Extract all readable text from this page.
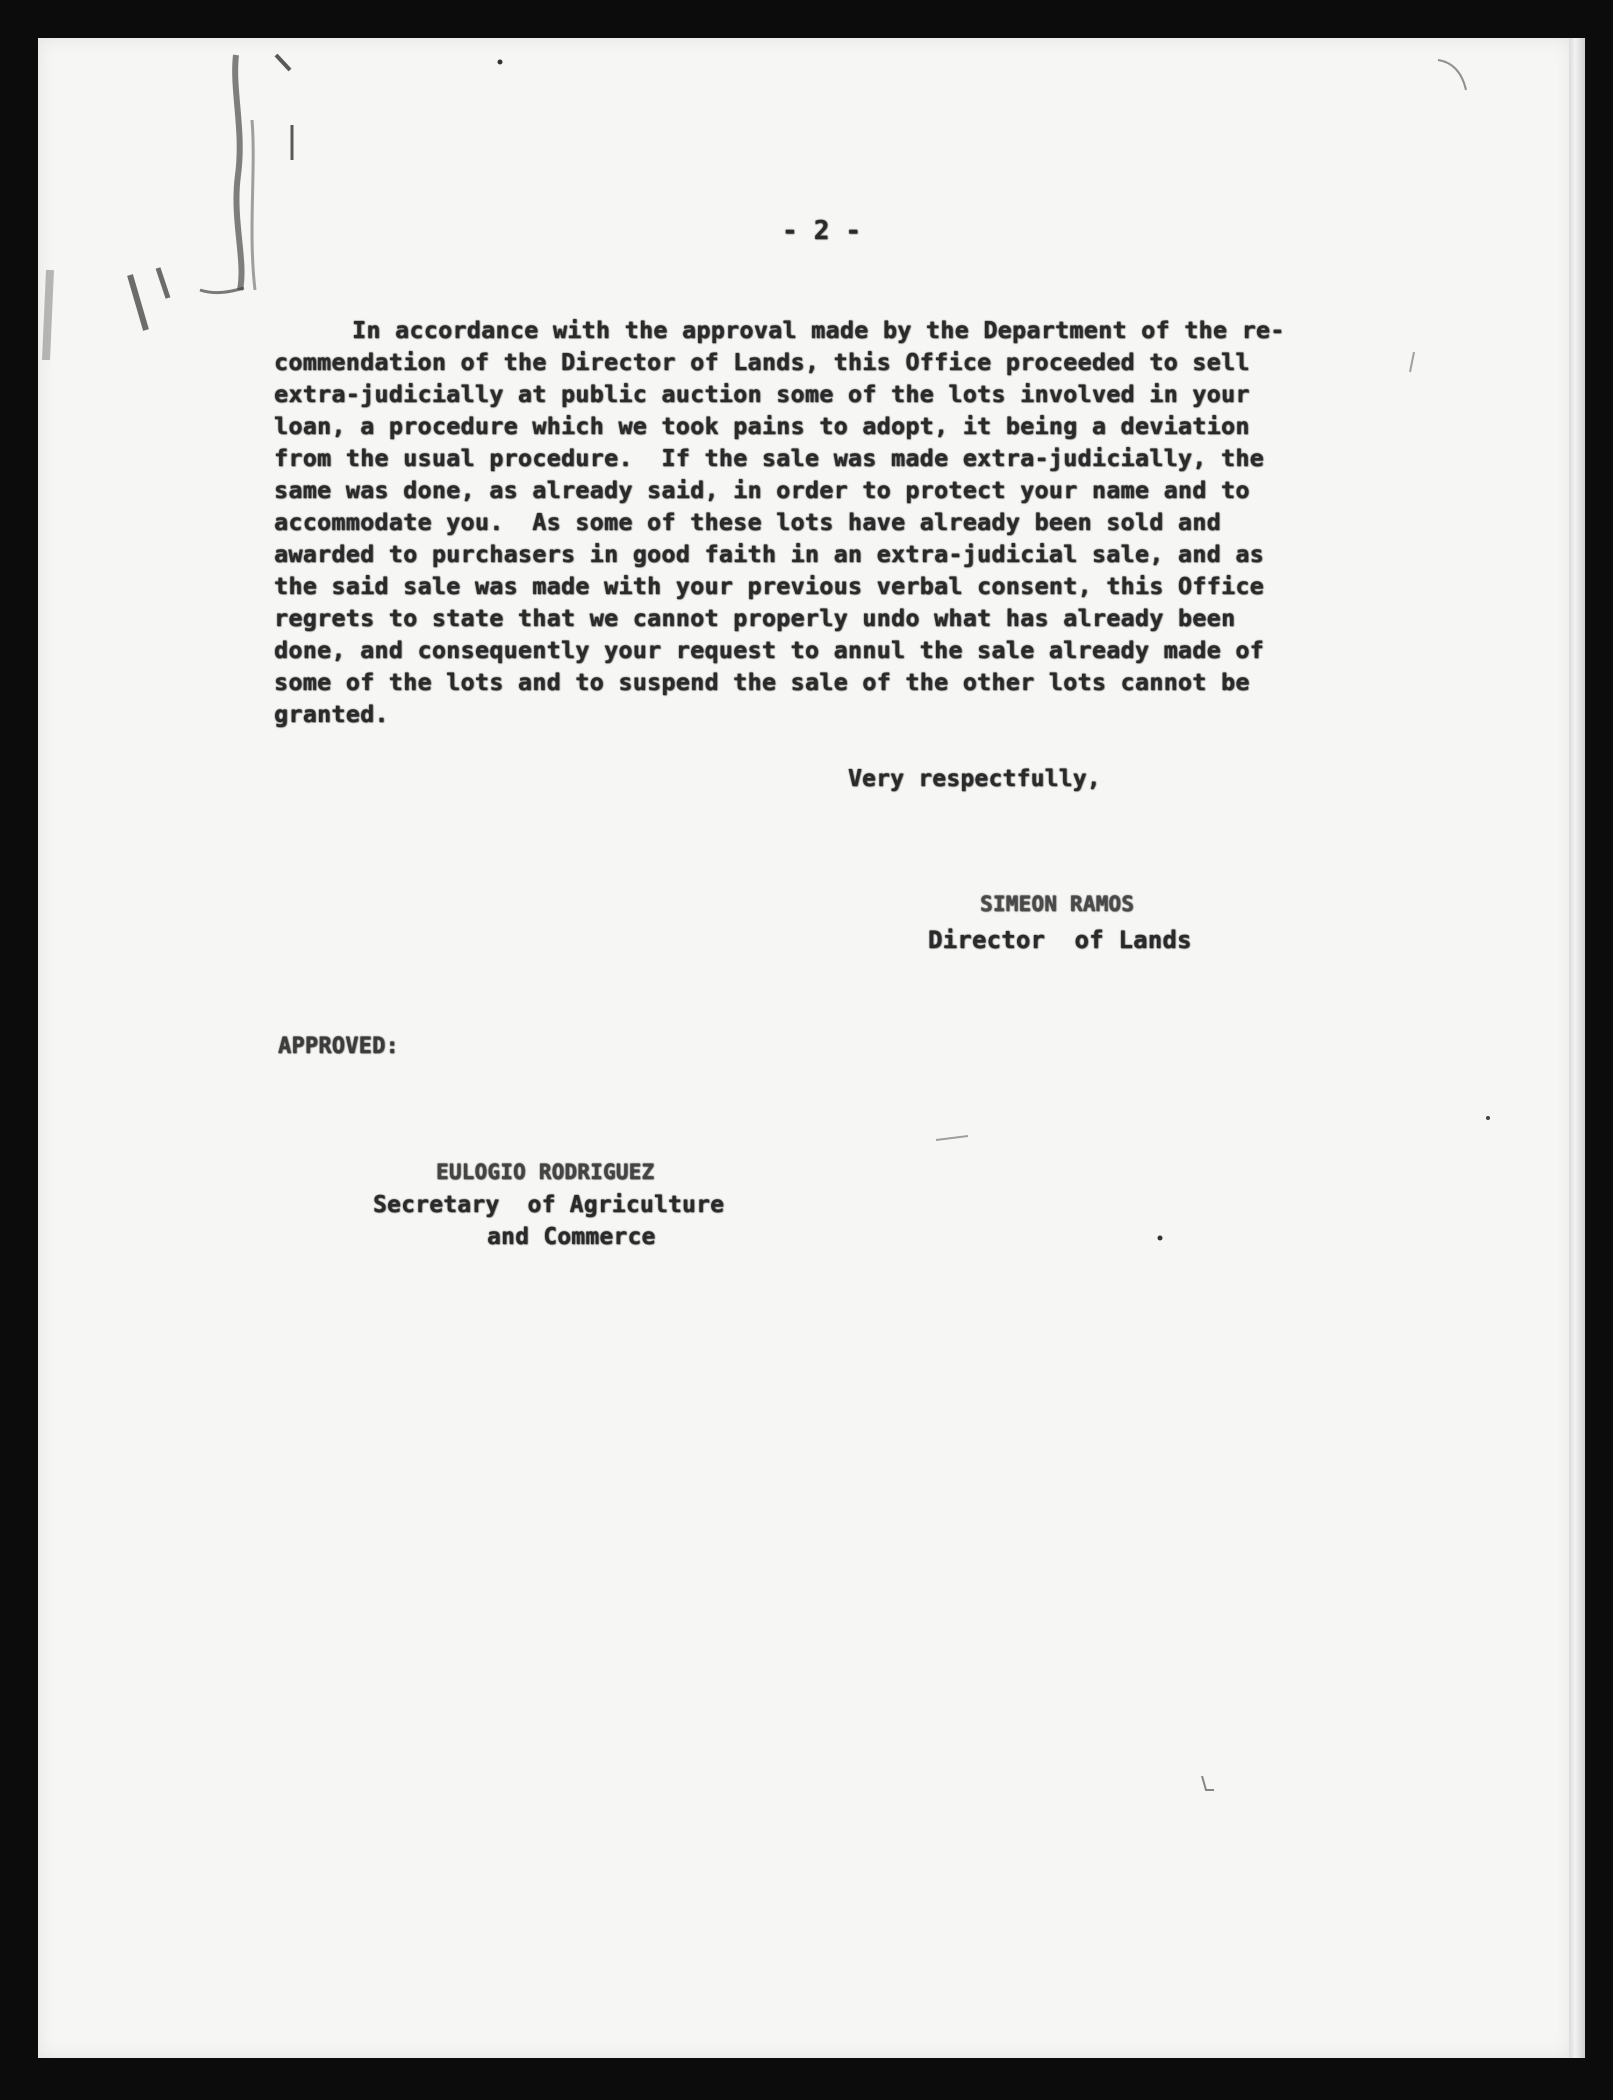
- 2 -
In accordance with the approval made by the Department of the re-
commendation of the Director of Lands, this Office proceeded to sell
extra-judicially at public auction some of the lots involved in your
loan, a procedure which we took pains to adopt, it being a deviation
from the usual procedure.  If the sale was made extra-judicially, the
same was done, as already said, in order to protect your name and to
accommodate you.  As some of these lots have already been sold and
awarded to purchasers in good faith in an extra-judicial sale, and as
the said sale was made with your previous verbal consent, this Office
regrets to state that we cannot properly undo what has already been
done, and consequently your request to annul the sale already made of
some of the lots and to suspend the sale of the other lots cannot be
granted.
Very respectfully,
SIMEON RAMOS
Director  of Lands
APPROVED:
EULOGIO RODRIGUEZ
Secretary  of Agriculture
and Commerce
